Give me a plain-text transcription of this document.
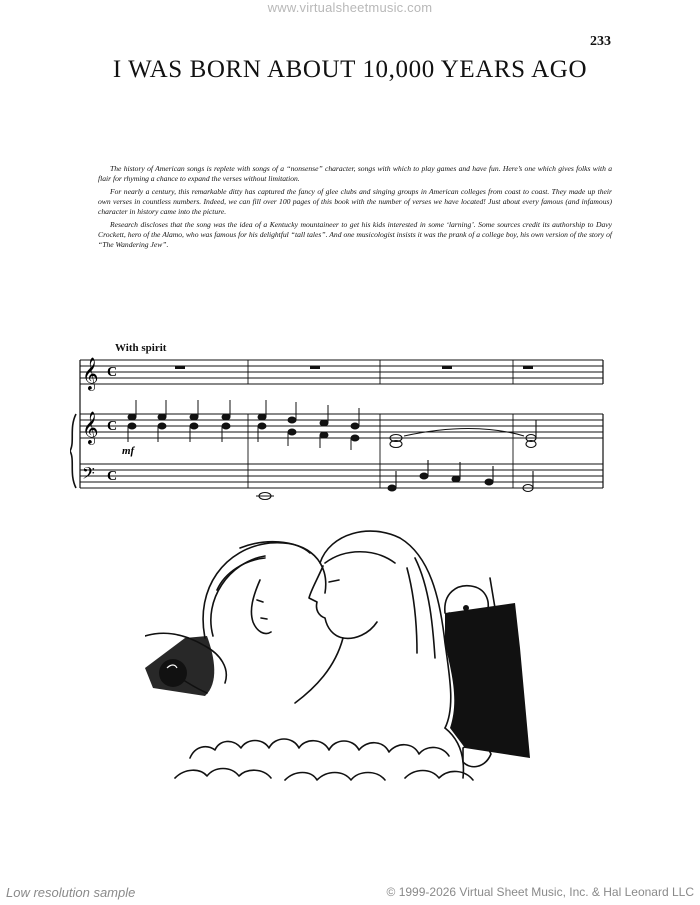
www.virtualsheetmusic.com
233
I WAS BORN ABOUT 10,000 YEARS AGO

The history of American songs is replete with songs of a “nonsense” character, songs with which to play games and have fun. Here’s one which gives folks with a flair for rhyming a chance to expand the verses without limitation.

For nearly a century, this remarkable ditty has captured the fancy of glee clubs and singing groups in American colleges from coast to coast. They made up their own verses in countless numbers. Indeed, we can fill over 100 pages of this book with the number of verses we have located! Just about every famous (and infamous) character in history came into the picture.

Research discloses that the song was the idea of a Kentucky mountaineer to get his kids interested in some ‘larning’. Some sources credit its authorship to Davy Crockett, hero of the Alamo, who was famous for his delightful “tall tales”. And one musicologist insists it was the prank of a college boy, his own version of the story of “The Wandering Jew”.

With spirit
𝄞
𝄞
𝄢
C
C
C
mf
Low resolution sample	© 1999-2026 Virtual Sheet Music, Inc. & Hal Leonard LLC
